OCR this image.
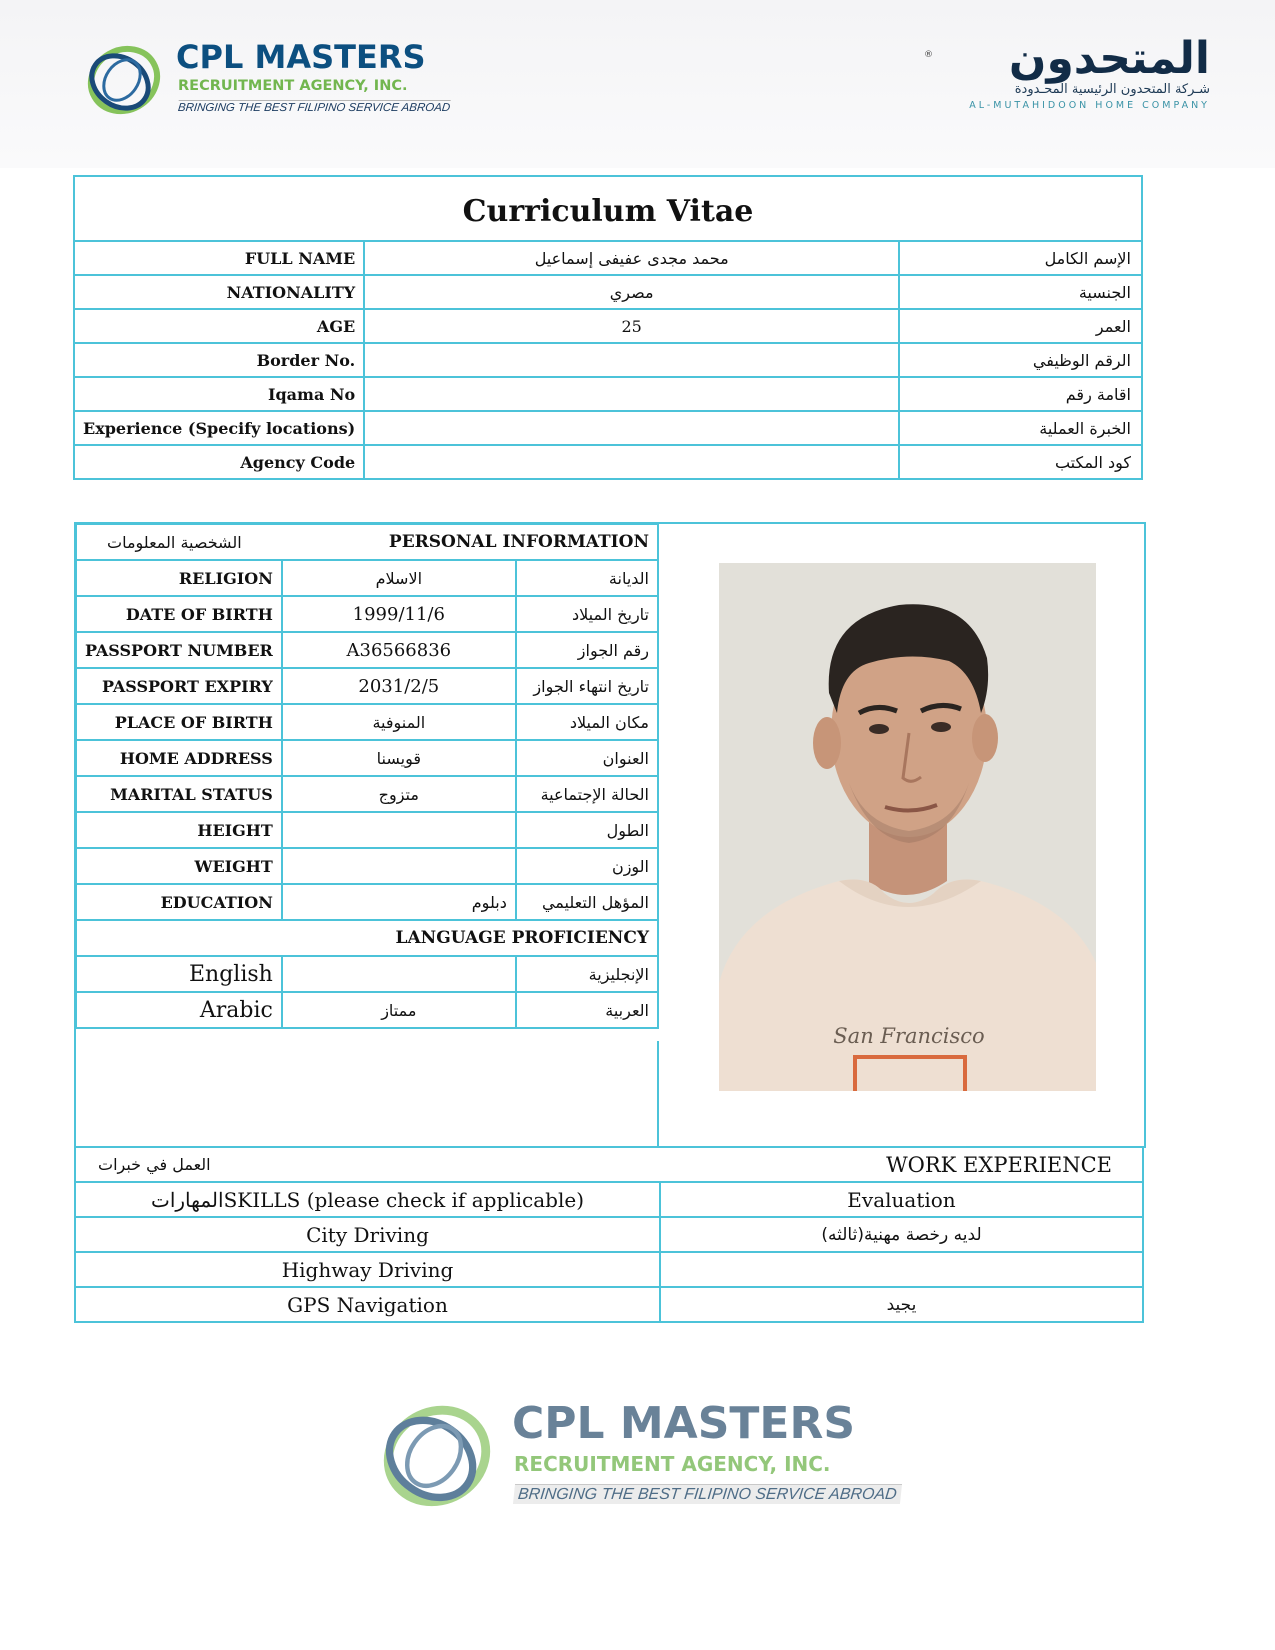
CPL MASTERS
RECRUITMENT AGENCY, INC.
BRINGING THE BEST FILIPINO SERVICE ABROAD
®	المتحدون
شـركة المتحدون الرئيسية المحـدودة
AL-MUTAHIDOON HOME COMPANY
Curriculum Vitae		
FULL NAME	محمد مجدى عفيفى إسماعيل	الإسم الكامل
NATIONALITY	مصري	الجنسية
AGE	25	العمر
Border No.		الرقم الوظيفي
Iqama No		اقامة رقم
Experience (Specify locations)		الخبرة العملية
Agency Code		كود المكتب
الشخصية المعلومات	PERSONAL INFORMATION	
RELIGION	الاسلام	الديانة
DATE OF BIRTH	1999/11/6	تاريخ الميلاد
PASSPORT NUMBER	A36566836	رقم الجواز
PASSPORT EXPIRY	2031/2/5	تاريخ انتهاء الجواز
PLACE OF BIRTH	المنوفية	مكان الميلاد
HOME ADDRESS	قويسنا	العنوان
MARITAL STATUS	متزوج	الحالة الإجتماعية
HEIGHT		الطول
WEIGHT		الوزن
EDUCATION	دبلوم	المؤهل التعليمي
LANGUAGE PROFICIENCY		
English		الإنجليزية
Arabic	ممتاز	العربية
San Francisco
العمل في خبرات	WORK EXPERIENCE
المهاراتSKILLS (please check if applicable)	Evaluation
City Driving	لديه رخصة مهنية(ثالثه)
Highway Driving	
GPS Navigation	يجيد
CPL MASTERS
RECRUITMENT AGENCY, INC.
BRINGING THE BEST FILIPINO SERVICE ABROAD
